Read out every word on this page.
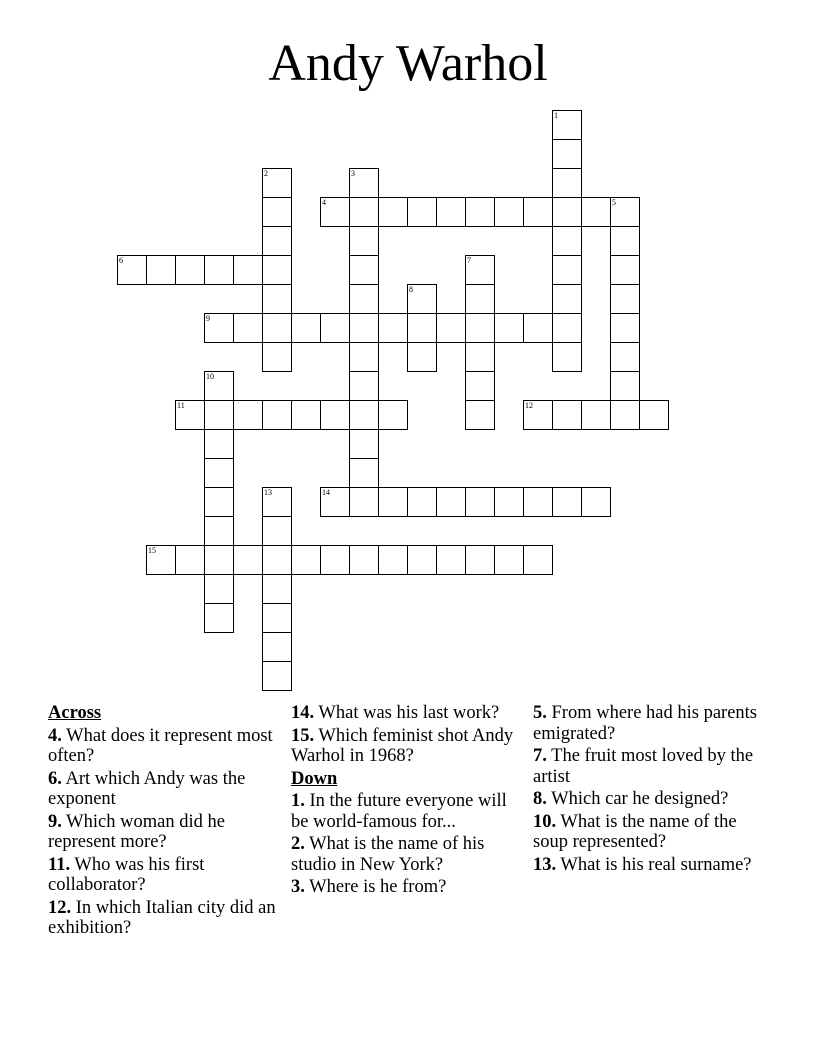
Andy Warhol
1
2	3
4	5
6	7
8
9
10
11	12
13	14
15
Across
4. What does it represent most often?
6. Art which Andy was the exponent
9. Which woman did he represent more?
11. Who was his first collaborator?
12. In which Italian city did an exhibition?
14. What was his last work?
15. Which feminist shot Andy Warhol in 1968?
Down
1. In the future everyone will be world-famous for...
2. What is the name of his studio in New York?
3. Where is he from?
5. From where had his parents emigrated?
7. The fruit most loved by the artist
8. Which car he designed?
10. What is the name of the soup represented?
13. What is his real surname?
